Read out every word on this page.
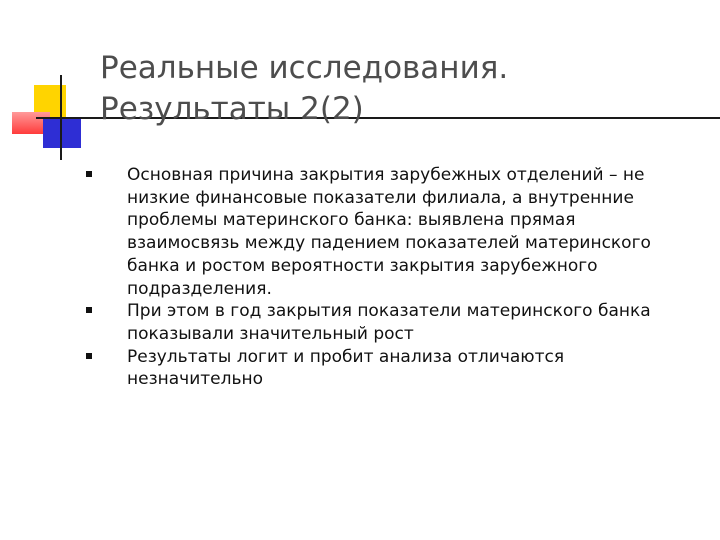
Реальные исследования.
Результаты 2(2)
Основная причина закрытия зарубежных отделений – не низкие финансовые показатели филиала, а внутренние проблемы материнского банка: выявлена прямая взаимосвязь между падением показателей материнского банка и ростом вероятности закрытия зарубежного подразделения.
При этом в год закрытия показатели материнского банка показывали значительный рост
Результаты логит и пробит анализа отличаются незначительно
